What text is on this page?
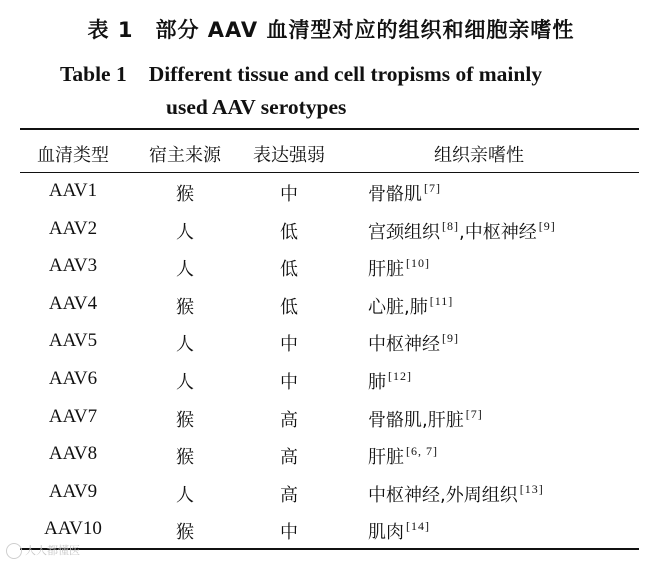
表 1 部分 AAV 血清型对应的组织和细胞亲嗜性
Table 1 Different tissue and cell tropisms of mainly
used AAV serotypes
血清类型	宿主来源	表达强弱	组织亲嗜性
AAV1	猴	中	骨骼肌 [7]
AAV2	人	低	宫颈组织 [8],中枢神经 [9]
AAV3	人	低	肝脏 [10]
AAV4	猴	低	心脏,肺 [11]
AAV5	人	中	中枢神经 [9]
AAV6	人	中	肺 [12]
AAV7	猴	高	骨骼肌,肝脏 [7]
AAV8	猴	高	肝脏 [6, 7]
AAV9	人	高	中枢神经,外周组织 [13]
AAV10	猴	中	肌肉 [14]
人人都懂医
